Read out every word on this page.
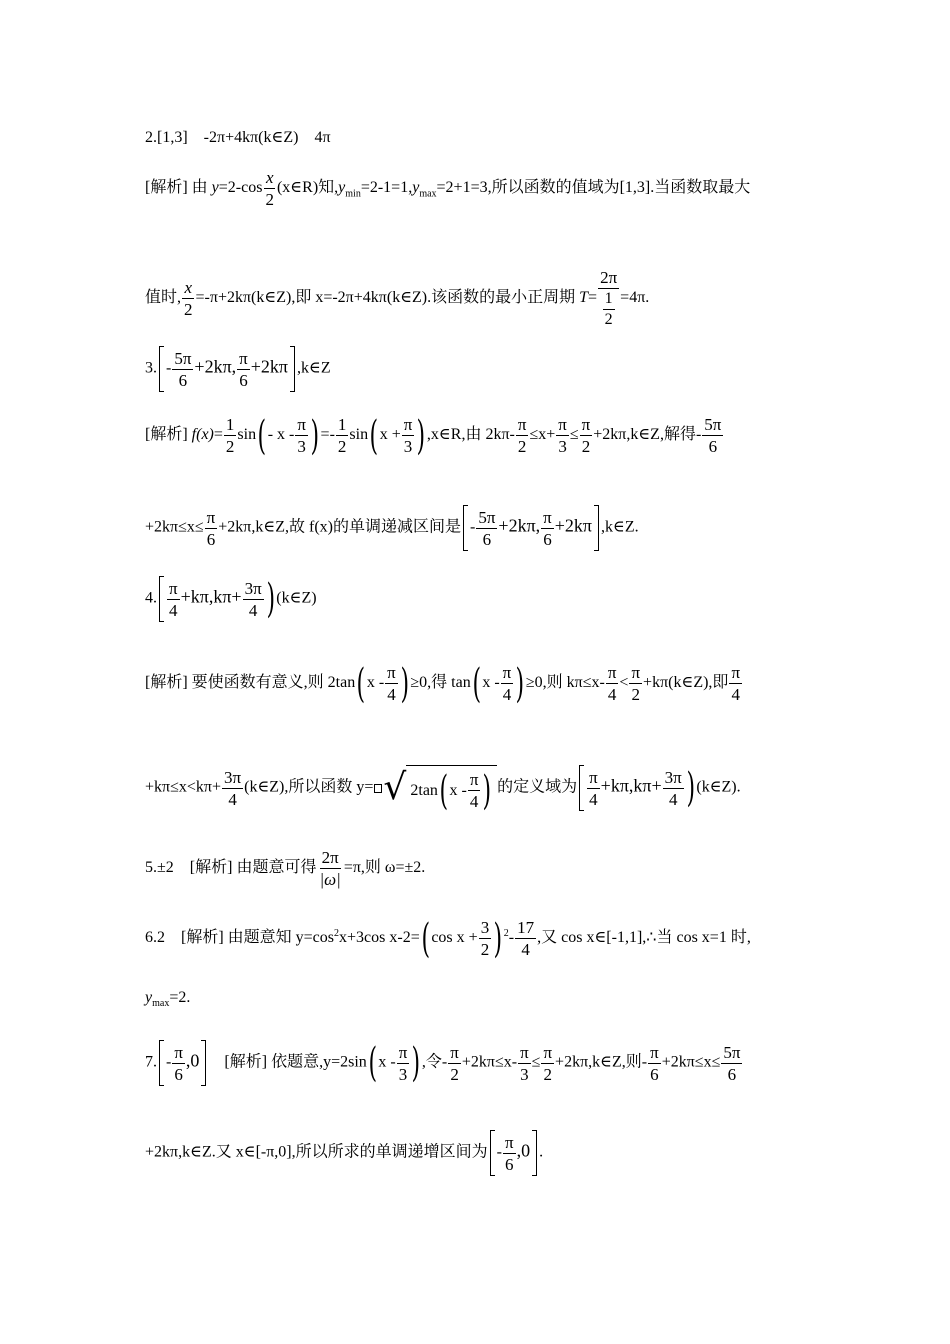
2.[1,3]　-2π+4kπ(k∈Z)　4π
[解析] 由 $y=2-\cos \frac{x}{2}$ (x∈R)知$,y_{min}=2-1=1,y_{max}=2+1=3$,所以函数的值域为[1,3].当函数取最大
值时, $\frac{x}{2}$ =-π+2kπ(k∈Z),即 x=-2π+4kπ(k∈Z).该函数的最小正周期 $T= \frac{2\pi}{\frac{1}{2}} =4\pi$.
3. - $\frac{5\pi}{6} +2k\pi$, $\frac{\pi}{6} +2k\pi$ ,k∈Z
[解析] $f(x)= \frac{1}{2} \sin(-$ x - $\frac{\pi}{3}$ )=- $\frac{1}{2} \sin(x + \frac{\pi}{3}$ ),x∈R,由 $2k\pi- \frac{\pi}{2} \le x+ \frac{\pi}{3} \le \frac{\pi}{2}$ +2kπ,k∈Z,解得- $\frac{5\pi}{6}$
$+2k\pi\le x\le \frac{\pi}{6}$ +2kπ,k∈Z,故 f(x)的单调递减区间是 - $\frac{5\pi}{6} +2k\pi$, $\frac{\pi}{6} +2k\pi$ ,k∈Z.
4. $\frac{\pi}{4} +k\pi,k\pi+ \frac{3\pi}{4}$ )(k∈Z)
[解析] 要使函数有意义,则 $2\tan(x - \frac{\pi}{4} )\ge 0$,得 $\tan(x - \frac{\pi}{4} )\ge 0$,则 $k\pi\le x- \frac{\pi}{4} < \frac{\pi}{2}$ +kπ(k∈Z),即 $\frac{\pi}{4}$
$+k\pi\le x<k\pi+ \frac{3\pi}{4}$ (k∈Z),所以函数 y= √ 2tan ( x - $\frac{\pi}{4}$ ) 的定义域为 $\frac{\pi}{4} +k\pi,k\pi+ \frac{3\pi}{4}$ )(k∈Z).
5.±2　[解析] 由题意可得 $\frac{2\pi}{|\omega|} =\pi$,则 ω=±2.
6.2　[解析] 由题意知 $y=\cos^2x+3\cos$ x-2=(cos $x + \frac{3}{2}$ ) $^2- \frac{17}{4}$ ,又 cos x∈[-1,1],∴当 cos x=1 时,
$y_{max}=2$.
7. - $\frac{\pi}{6} ,0$　[解析] 依题意$,y=2\sin(x - \frac{\pi}{3}$ ),令- $\frac{\pi}{2} +2k\pi\le x- \frac{\pi}{3} \le \frac{\pi}{2}$ +2kπ,k∈Z,则- $\frac{\pi}{6} +2k\pi\le x\le \frac{5\pi}{6}$
+2kπ,k∈Z.又 x∈[-π,0],所以所求的单调递增区间为 - $\frac{\pi}{6} ,0$ .
